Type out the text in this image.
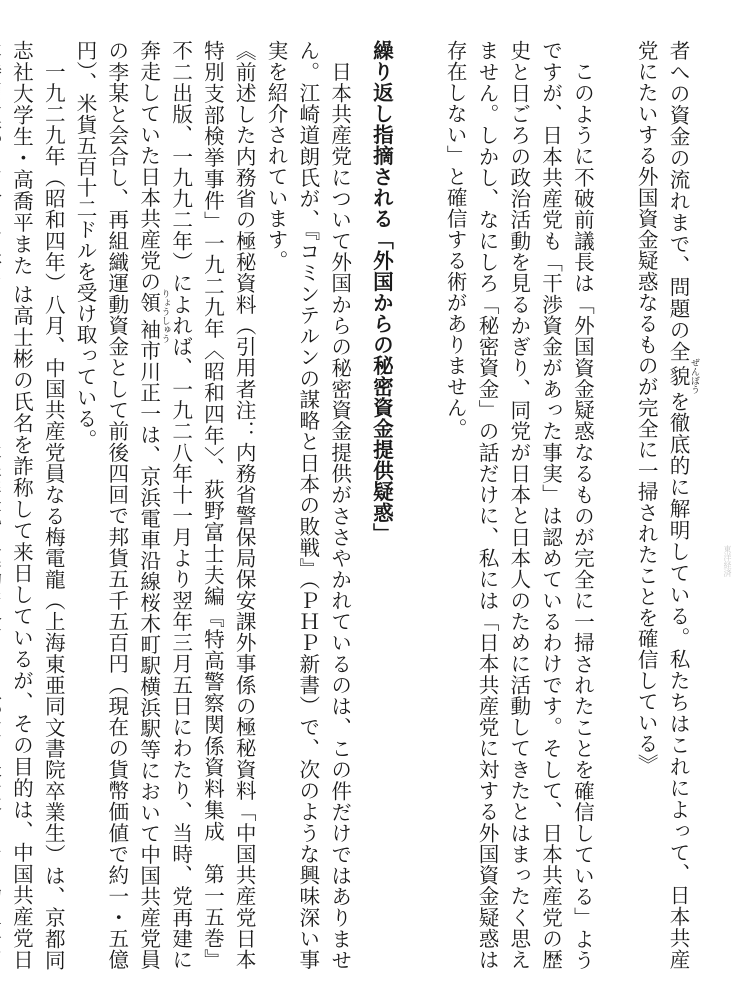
者への資金の流れまで、問題の全貌 ぜんぼうを徹底的に解明している。私たちはこれによって、日本共産党にたいする外国資金疑惑なるものが完全に一掃されたことを確信している》

このように不破前議長は「外国資金疑惑なるものが完全に一掃されたことを確信している」ようですが、日本共産党も「干渉資金があった事実」は認めているわけです。そして、日本共産党の歴史と日ごろの政治活動を見るかぎり、同党が日本と日本人のために活動してきたとはまったく思えません。しかし、なにしろ「秘密資金」の話だけに、私には「日本共産党に対する外国資金疑惑は存在しない」と確信する術がありません。

繰り返し指摘される「外国からの秘密資金提供疑惑」

日本共産党について外国からの秘密資金提供がささやかれているのは、この件だけではありません。江崎道朗氏が、『コミンテルンの謀略と日本の敗戦』（ＰＨＰ新書）で、次のような興味深い事実を紹介されています。

《前述した内務省の極秘資料（引用者注：内務省警保局保安課外事係の極秘資料「中国共産党日本特別支部検挙事件」一九二九年〈昭和四年〉、荻野富士夫編『特高警察関係資料集成　第一五巻』不二出版、一九九二年）によれば、一九二八年十一月より翌年三月五日にわたり、当時、党再建に奔走していた日本共産党の領袖 りょうしゅう市川正一は、京浜電車沿線桜木町駅横浜駅等において中国共産党員の李某と会合し、再組織運動資金として前後四回で邦貨五千五百円（現在の貨幣価値で約一・五億円）、米貨五百十二ドルを受け取っている。

一九二九年（昭和四年）八月、中国共産党員なる梅電龍（上海東亜同文書院卒業生）は、京都同志社大学生・高喬平また は高士彬の氏名を詐称して来日しているが、その目的は、中国共産党日

東洋経済
